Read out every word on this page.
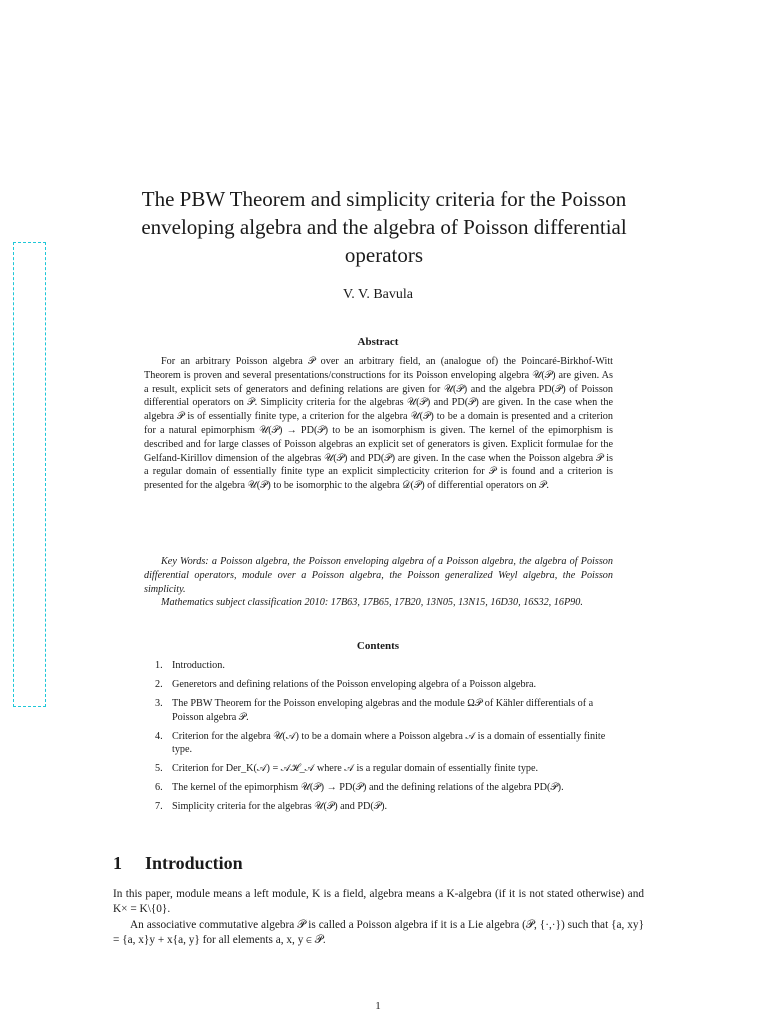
The PBW Theorem and simplicity criteria for the Poisson enveloping algebra and the algebra of Poisson differential operators
V. V. Bavula
Abstract
For an arbitrary Poisson algebra 𝒫 over an arbitrary field, an (analogue of) the Poincaré-Birkhof-Witt Theorem is proven and several presentations/constructions for its Poisson enveloping algebra 𝒰(𝒫) are given. As a result, explicit sets of generators and defining relations are given for 𝒰(𝒫) and the algebra PD(𝒫) of Poisson differential operators on 𝒫. Simplicity criteria for the algebras 𝒰(𝒫) and PD(𝒫) are given. In the case when the algebra 𝒫 is of essentially finite type, a criterion for the algebra 𝒰(𝒫) to be a domain is presented and a criterion for a natural epimorphism 𝒰(𝒫) → PD(𝒫) to be an isomorphism is given. The kernel of the epimorphism is described and for large classes of Poisson algebras an explicit set of generators is given. Explicit formulae for the Gelfand-Kirillov dimension of the algebras 𝒰(𝒫) and PD(𝒫) are given. In the case when the Poisson algebra 𝒫 is a regular domain of essentially finite type an explicit simplecticity criterion for 𝒫 is found and a criterion is presented for the algebra 𝒰(𝒫) to be isomorphic to the algebra 𝒟(𝒫) of differential operators on 𝒫.

Key Words: a Poisson algebra, the Poisson enveloping algebra of a Poisson algebra, the algebra of Poisson differential operators, module over a Poisson algebra, the Poisson generalized Weyl algebra, the Poisson simplicity.

Mathematics subject classification 2010: 17B63, 17B65, 17B20, 13N05, 13N15, 16D30, 16S32, 16P90.

Contents
1. Introduction.
2. Generetors and defining relations of the Poisson enveloping algebra of a Poisson algebra.
3. The PBW Theorem for the Poisson enveloping algebras and the module Ω𝒫 of Kähler differentials of a Poisson algebra 𝒫.
4. Criterion for the algebra 𝒰(𝒜) to be a domain where a Poisson algebra 𝒜 is a domain of essentially finite type.
5. Criterion for Der_K(𝒜) = 𝒜ℋ_𝒜 where 𝒜 is a regular domain of essentially finite type.
6. The kernel of the epimorphism 𝒰(𝒫) → PD(𝒫) and the defining relations of the algebra PD(𝒫).
7. Simplicity criteria for the algebras 𝒰(𝒫) and PD(𝒫).
1 Introduction

In this paper, module means a left module, K is a field, algebra means a K-algebra (if it is not stated otherwise) and K× = K\{0}.

An associative commutative algebra 𝒫 is called a Poisson algebra if it is a Lie algebra (𝒫, {·,·}) such that {a, xy} = {a, x}y + x{a, y} for all elements a, x, y ∈ 𝒫.

1
